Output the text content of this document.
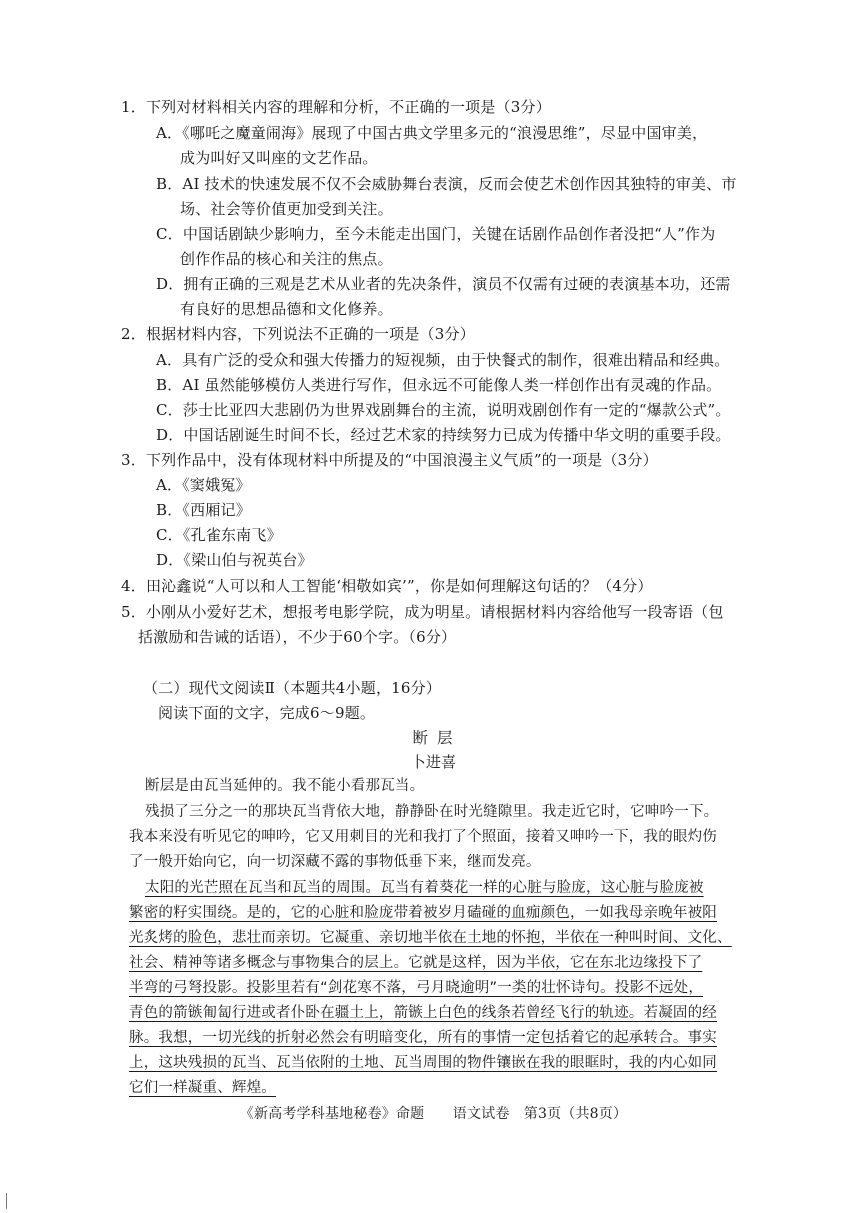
1．下列对材料相关内容的理解和分析，不正确的一项是（3分）
A．《哪吒之魔童闹海》展现了中国古典文学里多元的“浪漫思维”，尽显中国审美，
成为叫好又叫座的文艺作品。
B．AI 技术的快速发展不仅不会威胁舞台表演，反而会使艺术创作因其独特的审美、市
场、社会等价值更加受到关注。
C．中国话剧缺少影响力，至今未能走出国门，关键在话剧作品创作者没把“人”作为
创作作品的核心和关注的焦点。
D．拥有正确的三观是艺术从业者的先决条件，演员不仅需有过硬的表演基本功，还需
有良好的思想品德和文化修养。
2．根据材料内容，下列说法不正确的一项是（3分）
A．具有广泛的受众和强大传播力的短视频，由于快餐式的制作，很难出精品和经典。
B．AI 虽然能够模仿人类进行写作，但永远不可能像人类一样创作出有灵魂的作品。
C．莎士比亚四大悲剧仍为世界戏剧舞台的主流，说明戏剧创作有一定的“爆款公式”。
D．中国话剧诞生时间不长，经过艺术家的持续努力已成为传播中华文明的重要手段。
3．下列作品中，没有体现材料中所提及的“中国浪漫主义气质”的一项是（3分）
A．《窦娥冤》
B．《西厢记》
C．《孔雀东南飞》
D．《梁山伯与祝英台》
4．田沁鑫说“人可以和人工智能‘相敬如宾’”，你是如何理解这句话的？（4分）
5．小刚从小爱好艺术，想报考电影学院，成为明星。请根据材料内容给他写一段寄语（包
括激励和告诫的话语），不少于60个字。（6分）
（二）现代文阅读Ⅱ（本题共4小题，16分）
阅读下面的文字，完成6～9题。
断 层
卜进喜
断层是由瓦当延伸的。我不能小看那瓦当。
残损了三分之一的那块瓦当背依大地，静静卧在时光缝隙里。我走近它时，它呻吟一下。
我本来没有听见它的呻吟，它又用刺目的光和我打了个照面，接着又呻吟一下，我的眼灼伤
了一般开始向它，向一切深藏不露的事物低垂下来，继而发亮。
太阳的光芒照在瓦当和瓦当的周围。瓦当有着葵花一样的心脏与脸庞，这心脏与脸庞被
繁密的籽实围绕。是的，它的心脏和脸庞带着被岁月磕碰的血痂颜色，一如我母亲晚年被阳
光炙烤的脸色，悲壮而亲切。它凝重、亲切地半依在土地的怀抱，半依在一种叫时间、文化、
社会、精神等诸多概念与事物集合的层上。它就是这样，因为半依，它在东北边缘投下了
半弯的弓弩投影。投影里若有“剑花寒不落，弓月晓逾明”一类的壮怀诗句。投影不远处，
青色的箭镞匍匐行进或者仆卧在疆土上，箭镞上白色的线条若曾经飞行的轨迹。若凝固的经
脉。我想，一切光线的折射必然会有明暗变化，所有的事情一定包括着它的起承转合。事实
上，这块残损的瓦当、瓦当依附的土地、瓦当周围的物件镶嵌在我的眼眶时，我的内心如同
它们一样凝重、辉煌。
《新高考学科基地秘卷》命题　　语文试卷　第3页（共8页）
